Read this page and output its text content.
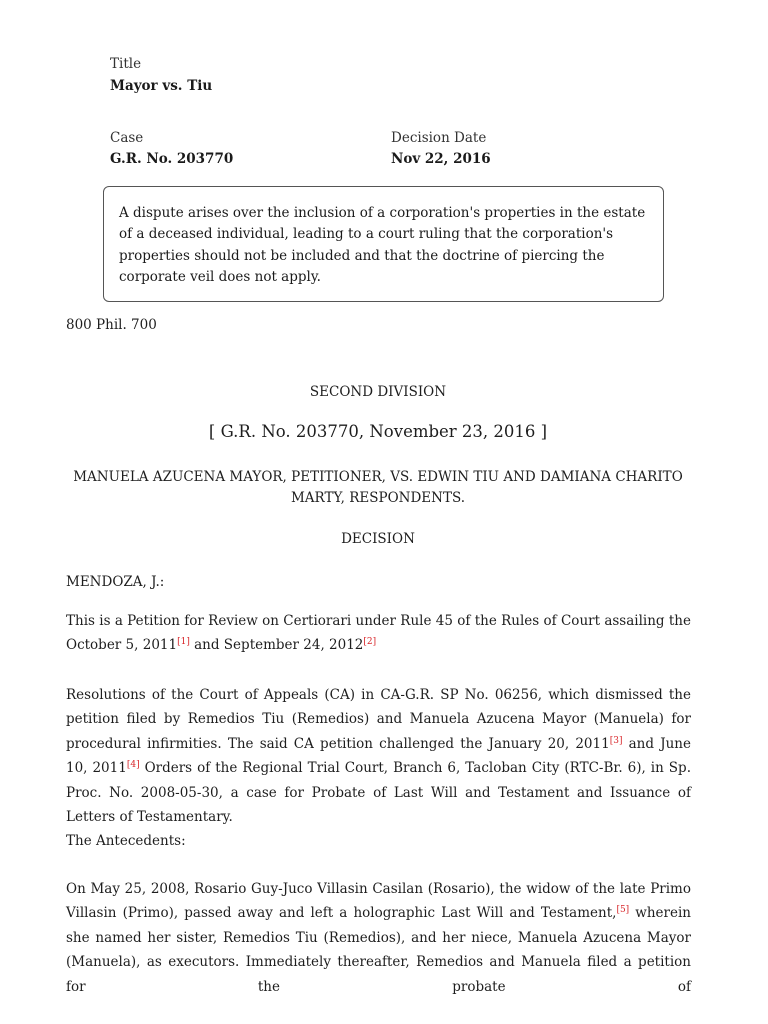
Title
Mayor vs. Tiu
Case
G.R. No. 203770
Decision Date
Nov 22, 2016
A dispute arises over the inclusion of a corporation's properties in the estate of a deceased individual, leading to a court ruling that the corporation's properties should not be included and that the doctrine of piercing the corporate veil does not apply.
800 Phil. 700
SECOND DIVISION
[ G.R. No. 203770, November 23, 2016 ]
MANUELA AZUCENA MAYOR, PETITIONER, VS. EDWIN TIU AND DAMIANA CHARITO MARTY, RESPONDENTS.
DECISION
MENDOZA, J.:

This is a Petition for Review on Certiorari under Rule 45 of the Rules of Court assailing the October 5, 2011[1] and September 24, 2012[2]

Resolutions of the Court of Appeals (CA) in CA-G.R. SP No. 06256, which dismissed the petition filed by Remedios Tiu (Remedios) and Manuela Azucena Mayor (Manuela) for procedural infirmities. The said CA petition challenged the January 20, 2011[3] and June 10, 2011[4] Orders of the Regional Trial Court, Branch 6, Tacloban City (RTC-Br. 6), in Sp. Proc. No. 2008-05-30, a case for Probate of Last Will and Testament and Issuance of Letters of Testamentary.

The Antecedents:

On May 25, 2008, Rosario Guy-Juco Villasin Casilan (Rosario), the widow of the late Primo Villasin (Primo), passed away and left a holographic Last Will and Testament,[5] wherein she named her sister, Remedios Tiu (Remedios), and her niece, Manuela Azucena Mayor (Manuela), as executors. Immediately thereafter, Remedios and Manuela filed a petition for the probate of
